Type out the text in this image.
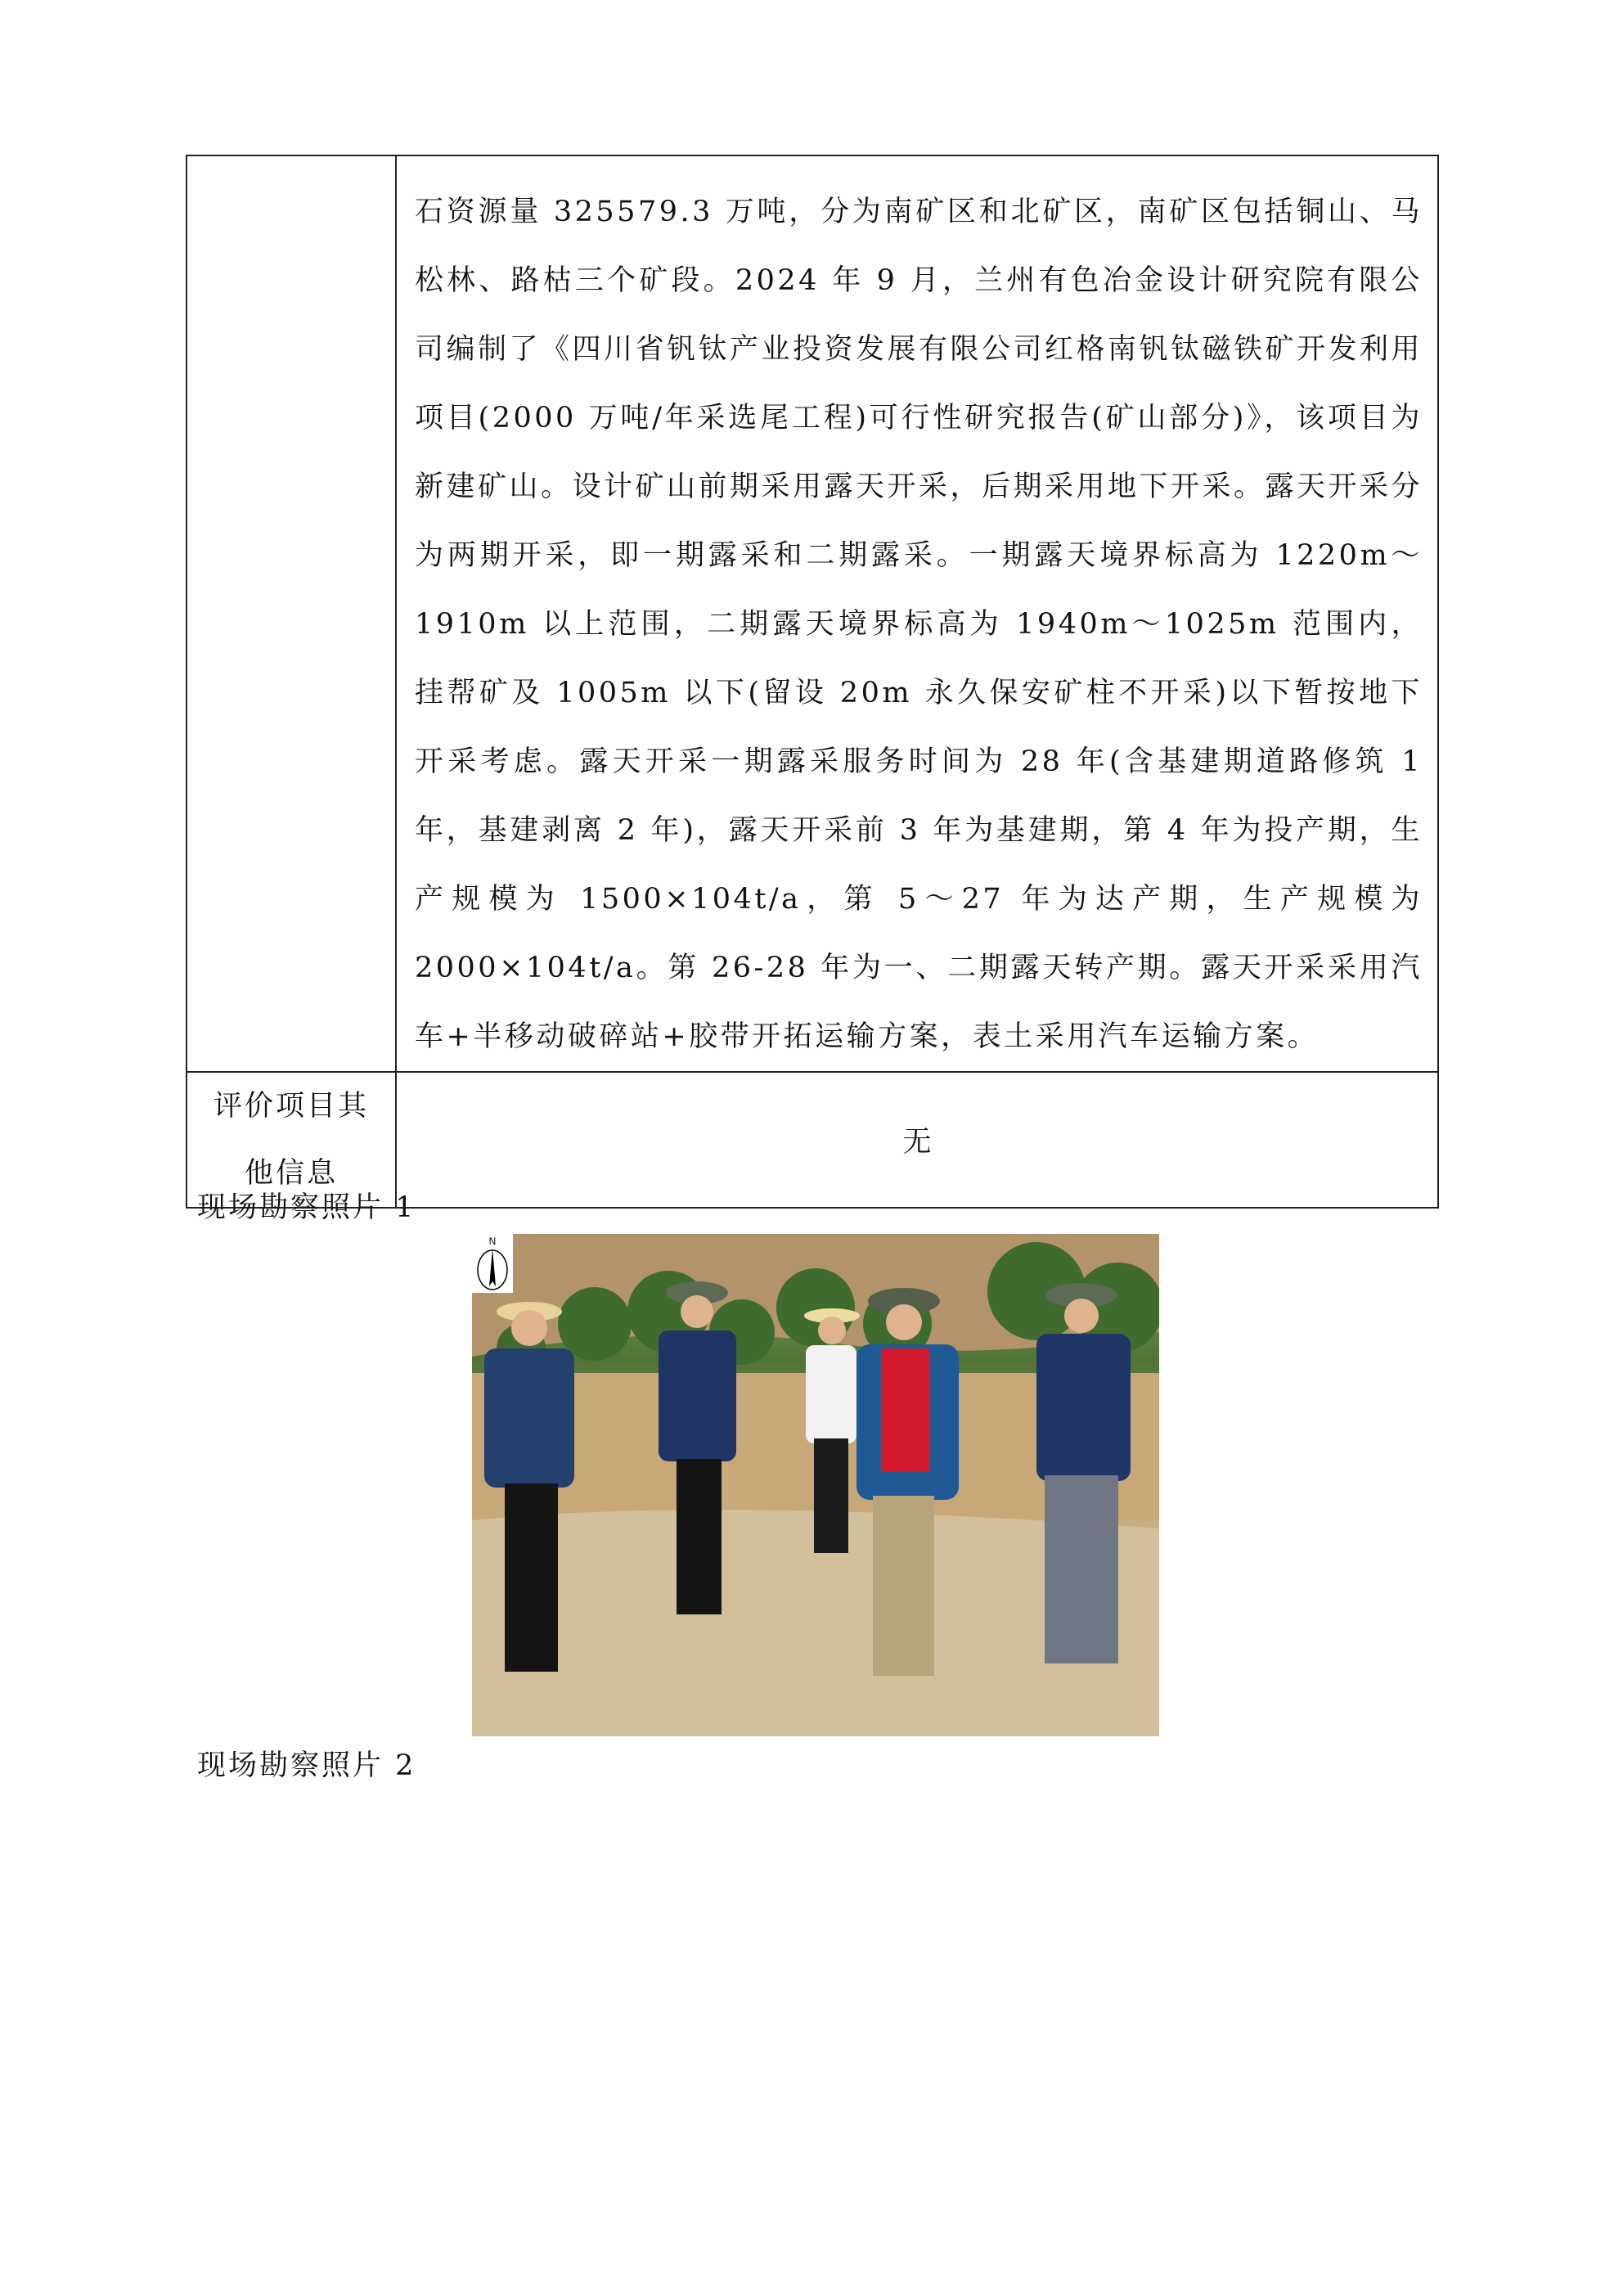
	石资源量 325579.3 万吨，分为南矿区和北矿区，南矿区包括铜山、马松林、路枯三个矿段。2024 年 9 月，兰州有色冶金设计研究院有限公司编制了《四川省钒钛产业投资发展有限公司红格南钒钛磁铁矿开发利用项目(2000 万吨/年采选尾工程)可行性研究报告(矿山部分)》，该项目为新建矿山。设计矿山前期采用露天开采，后期采用地下开采。露天开采分为两期开采，即一期露采和二期露采。一期露天境界标高为 1220m～1910m 以上范围，二期露天境界标高为 1940m～1025m 范围内，挂帮矿及 1005m 以下(留设 20m 永久保安矿柱不开采)以下暂按地下开采考虑。露天开采一期露采服务时间为 28 年(含基建期道路修筑 1 年，基建剥离 2 年)，露天开采前 3 年为基建期，第 4 年为投产期，生产规模为 1500×104t/a，第 5～27 年为达产期，生产规模为 2000×104t/a。第 26-28 年为一、二期露天转产期。露天开采采用汽车+半移动破碎站+胶带开拓运输方案，表土采用汽车运输方案。

评价项目其
他信息	无
现场勘察照片 1
N
现场勘察照片 2
